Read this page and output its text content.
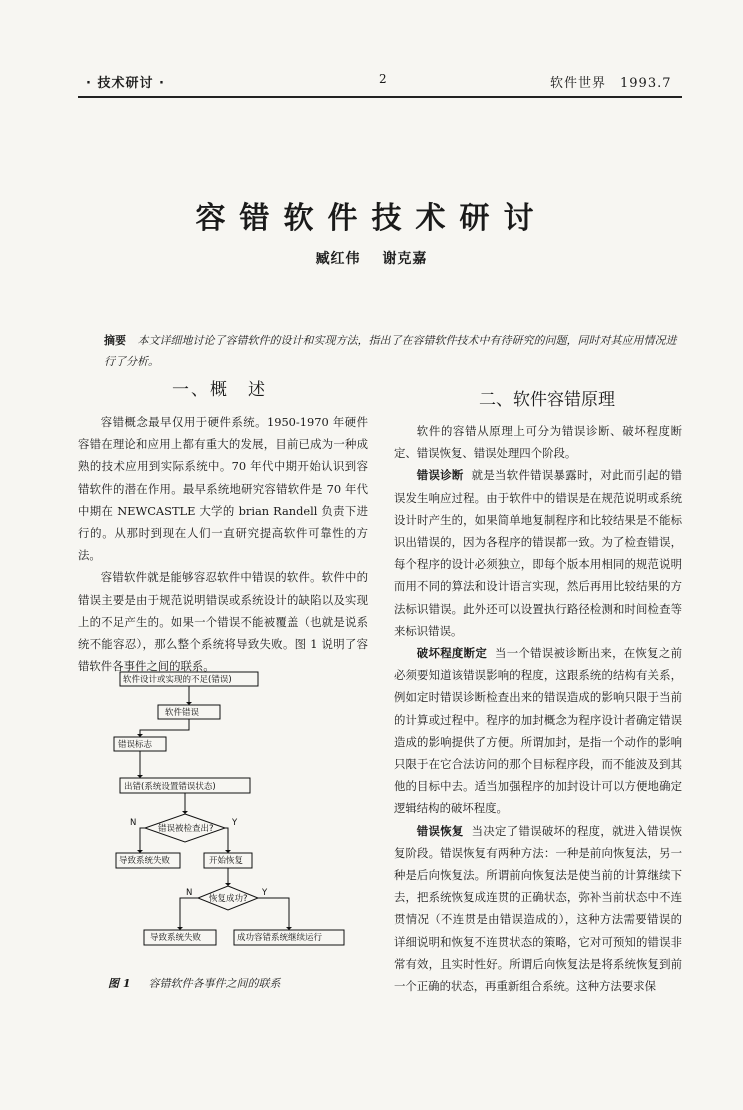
· 技术研讨 ·	2	软件世界　1993.7
容错软件技术研讨
臧红伟 谢克嘉
摘要 本文详细地讨论了容错软件的设计和实现方法，指出了在容错软件技术中有待研究的问题，同时对其应用情况进行了分析。
一、概　述	二、软件容错原理

容错概念最早仅用于硬件系统。1950-1970 年硬件容错在理论和应用上都有重大的发展，目前已成为一种成熟的技术应用到实际系统中。70 年代中期开始认识到容错软件的潜在作用。最早系统地研究容错软件是 70 年代中期在 NEWCASTLE 大学的 brian Randell 负责下进行的。从那时到现在人们一直研究提高软件可靠性的方法。

容错软件就是能够容忍软件中错误的软件。软件中的错误主要是由于规范说明错误或系统设计的缺陷以及实现上的不足产生的。如果一个错误不能被覆盖（也就是说系统不能容忍），那么整个系统将导致失败。图 1 说明了容错软件各事件之间的联系。

软件设计或实现的不足(错误)
软件错误
错误标志
出错(系统设置错误状态)
错误被检查出?
导致系统失败	开始恢复
恢复成功?
导致系统失败	成功容错系统继续运行
N	Y
N	Y
图 1 容错软件各事件之间的联系

软件的容错从原理上可分为错误诊断、破坏程度断定、错误恢复、错误处理四个阶段。

错误诊断 就是当软件错误暴露时，对此而引起的错误发生响应过程。由于软件中的错误是在规范说明或系统设计时产生的，如果简单地复制程序和比较结果是不能标识出错误的，因为各程序的错误都一致。为了检查错误，每个程序的设计必须独立，即每个版本用相同的规范说明而用不同的算法和设计语言实现，然后再用比较结果的方法标识错误。此外还可以设置执行路径检测和时间检查等来标识错误。

破坏程度断定 当一个错误被诊断出来，在恢复之前必须要知道该错误影响的程度，这跟系统的结构有关系，例如定时错误诊断检查出来的错误造成的影响只限于当前的计算或过程中。程序的加封概念为程序设计者确定错误造成的影响提供了方便。所谓加封，是指一个动作的影响只限于在它合法访问的那个目标程序段，而不能波及到其他的目标中去。适当加强程序的加封设计可以方便地确定逻辑结构的破坏程度。

错误恢复 当决定了错误破坏的程度，就进入错误恢复阶段。错误恢复有两种方法：一种是前向恢复法，另一种是后向恢复法。所谓前向恢复法是使当前的计算继续下去，把系统恢复成连贯的正确状态，弥补当前状态中不连贯情况（不连贯是由错误造成的），这种方法需要错误的详细说明和恢复不连贯状态的策略，它对可预知的错误非常有效，且实时性好。所谓后向恢复法是将系统恢复到前一个正确的状态，再重新组合系统。这种方法要求保
